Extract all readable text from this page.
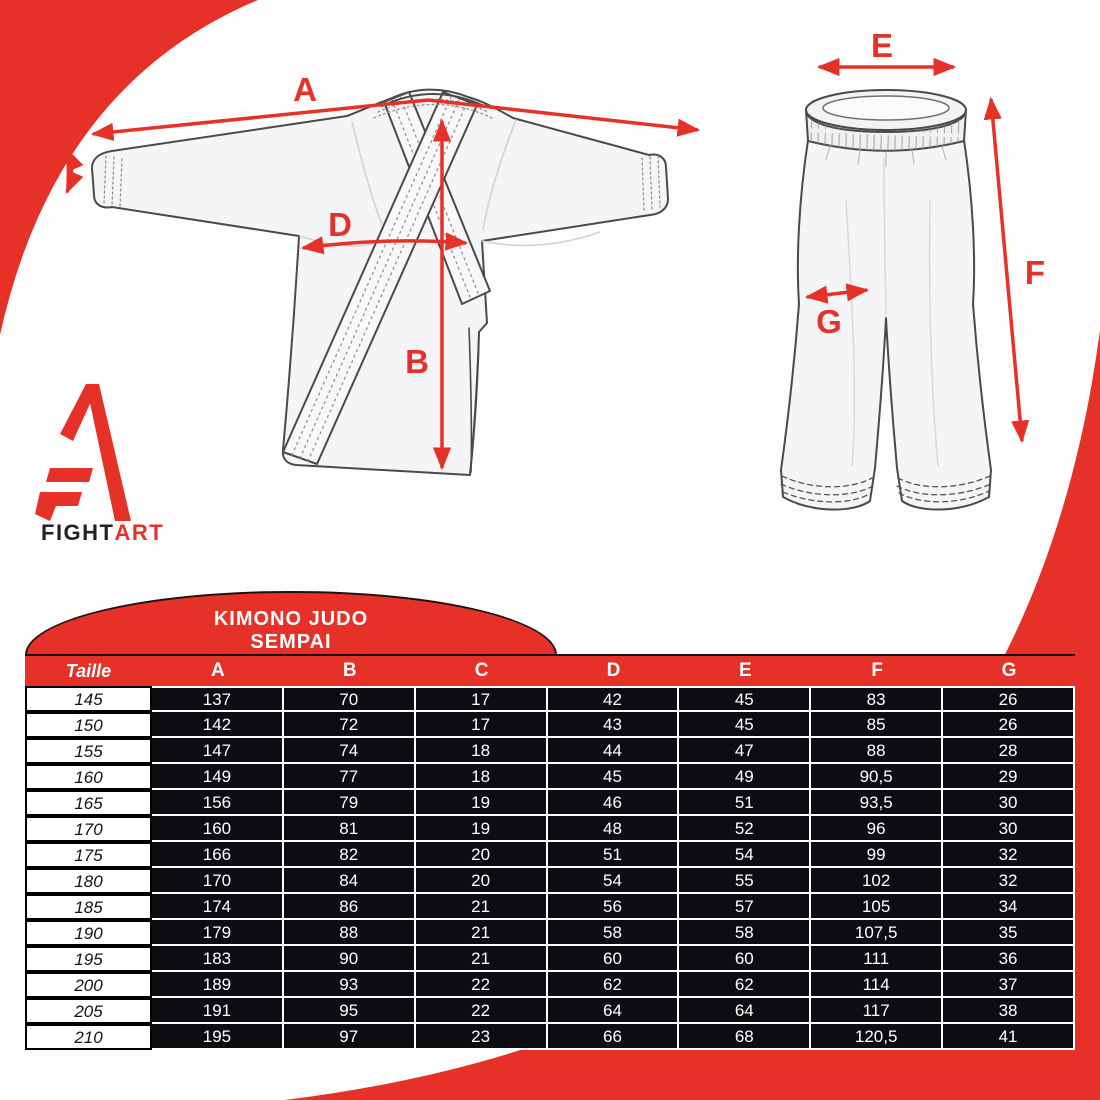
A
B
C
D
E
F
G
FIGHTART
KIMONO JUDO
SEMPAI
Taille	A	B	C	D	E	F	G
145	137	70	17	42	45	83	26
150	142	72	17	43	45	85	26
155	147	74	18	44	47	88	28
160	149	77	18	45	49	90,5	29
165	156	79	19	46	51	93,5	30
170	160	81	19	48	52	96	30
175	166	82	20	51	54	99	32
180	170	84	20	54	55	102	32
185	174	86	21	56	57	105	34
190	179	88	21	58	58	107,5	35
195	183	90	21	60	60	111	36
200	189	93	22	62	62	114	37
205	191	95	22	64	64	117	38
210	195	97	23	66	68	120,5	41
